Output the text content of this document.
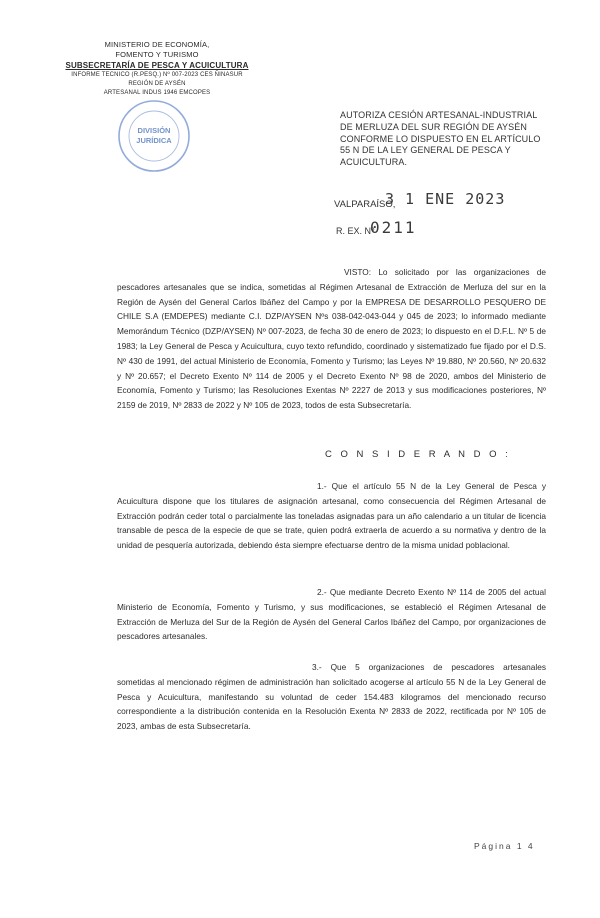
MINISTERIO DE ECONOMÍA,
FOMENTO Y TURISMO
SUBSECRETARÍA DE PESCA Y ACUICULTURA
INFORME TECNICO (R.PESQ.) Nº 007-2023 CES ÑINASUR
REGIÓN DE AYSÉN
ARTESANAL INDUS 1946 EMCOPES
DIVISIÓN
JURÍDICA
AUTORIZA CESIÓN ARTESANAL-INDUSTRIAL DE MERLUZA DEL SUR REGIÓN DE AYSÉN CONFORME LO DISPUESTO EN EL ARTÍCULO 55 N DE LA LEY GENERAL DE PESCA Y ACUICULTURA.
VALPARAÍSO,
3 1 ENE 2023
R. EX. Nº
0211
VISTO: Lo solicitado por las organizaciones de pescadores artesanales que se indica, sometidas al Régimen Artesanal de Extracción de Merluza del sur en la Región de Aysén del General Carlos Ibáñez del Campo y por la EMPRESA DE DESARROLLO PESQUERO DE CHILE S.A (EMDEPES) mediante C.I. DZP/AYSEN Nºs 038-042-043-044 y 045 de 2023; lo informado mediante Memorándum Técnico (DZP/AYSEN) Nº 007-2023, de fecha 30 de enero de 2023; lo dispuesto en el D.F.L. Nº 5 de 1983; la Ley General de Pesca y Acuicultura, cuyo texto refundido, coordinado y sistematizado fue fijado por el D.S. Nº 430 de 1991, del actual Ministerio de Economía, Fomento y Turismo; las Leyes Nº 19.880, Nº 20.560, Nº 20.632 y Nº 20.657; el Decreto Exento Nº 114 de 2005 y el Decreto Exento Nº 98 de 2020, ambos del Ministerio de Economía, Fomento y Turismo; las Resoluciones Exentas Nº 2227 de 2013 y sus modificaciones posteriores, Nº 2159 de 2019, Nº 2833 de 2022 y Nº 105 de 2023, todos de esta Subsecretaría.
C O N S I D E R A N D O :
1.- Que el artículo 55 N de la Ley General de Pesca y Acuicultura dispone que los titulares de asignación artesanal, como consecuencia del Régimen Artesanal de Extracción podrán ceder total o parcialmente las toneladas asignadas para un año calendario a un titular de licencia transable de pesca de la especie de que se trate, quien podrá extraerla de acuerdo a su normativa y dentro de la unidad de pesquería autorizada, debiendo ésta siempre efectuarse dentro de la misma unidad poblacional.
2.- Que mediante Decreto Exento Nº 114 de 2005 del actual Ministerio de Economía, Fomento y Turismo, y sus modificaciones, se estableció el Régimen Artesanal de Extracción de Merluza del Sur de la Región de Aysén del General Carlos Ibáñez del Campo, por organizaciones de pescadores artesanales.
3.- Que 5 organizaciones de pescadores artesanales sometidas al mencionado régimen de administración han solicitado acogerse al artículo 55 N de la Ley General de Pesca y Acuicultura, manifestando su voluntad de ceder 154.483 kilogramos del mencionado recurso correspondiente a la distribución contenida en la Resolución Exenta Nº 2833 de 2022, rectificada por Nº 105 de 2023, ambas de esta Subsecretaría.
Página 1 4
